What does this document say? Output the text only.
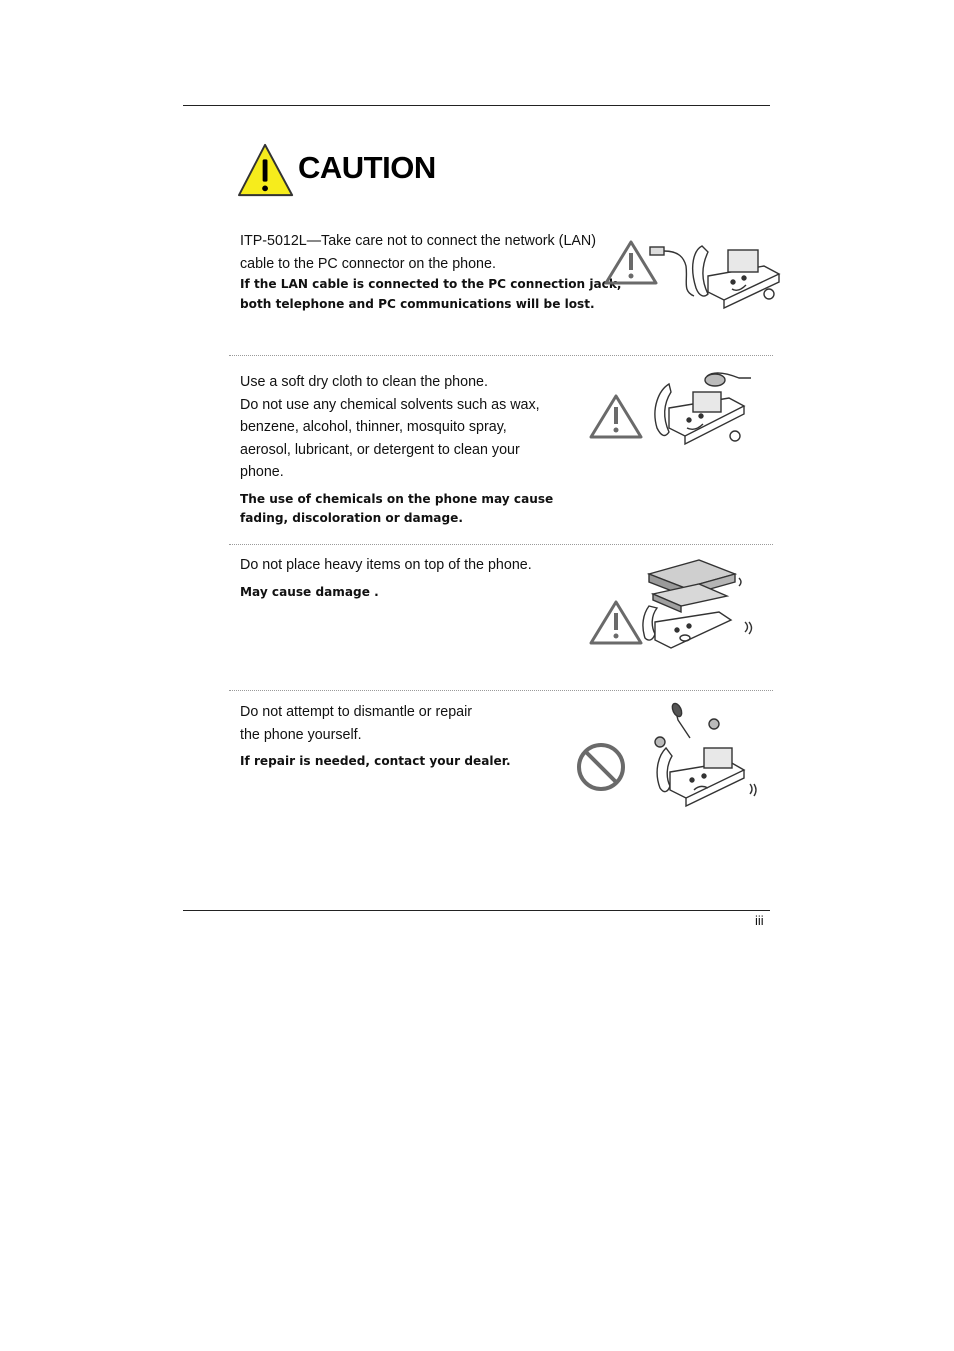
CAUTION
ITP-5012L—Take care not to connect the network (LAN)
cable to the PC connector on the phone.
If the LAN cable is connected to the PC connection jack,
both telephone and PC communications will be lost.
Use a soft dry cloth to clean the phone.
Do not use any chemical solvents such as wax,
benzene, alcohol, thinner, mosquito spray,
aerosol, lubricant, or detergent to clean your
phone.
The use of chemicals on the phone may cause
fading, discoloration or damage.
Do not place heavy items on top of the phone.
May cause damage .
Do not attempt to dismantle or repair
the phone yourself.
If repair is needed, contact your dealer.
iii
